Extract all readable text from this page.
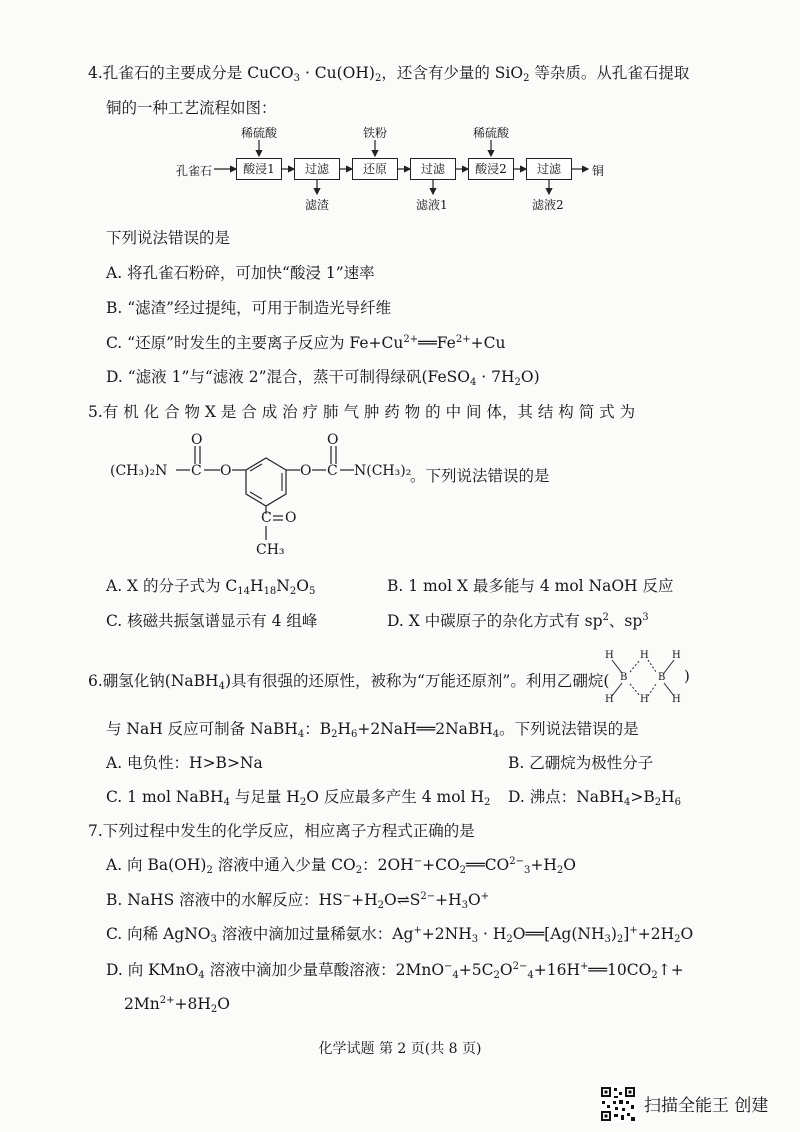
4.孔雀石的主要成分是 CuCO$_3$ · $Cu(OH)_2$，还含有少量的 SiO$_2$ 等杂质。从孔雀石提取
铜的一种工艺流程如图：
孔雀石	酸浸1	过滤	还原	过滤	酸浸2	过滤	铜
稀硫酸	铁粉	稀硫酸
滤渣	滤液1	滤液2
下列说法错误的是
A. 将孔雀石粉碎，可加快“酸浸 1”速率
B. “滤渣”经过提纯，可用于制造光导纤维
C. “还原”时发生的主要离子反应为 $Fe+Cu^{2+}══Fe^{2+}+Cu$
D. “滤液 1”与“滤液 2”混合，蒸干可制得绿矾(FeSO$_4$ · $7H_2O$)
5.有 机 化 合 物 X 是 合 成 治 疗 肺 气 肿 药 物 的 中 间 体，其 结 构 简 式 为
(CH₃)₂N C
O
O	O C
O
N(CH₃)₂
C O
CH₃
。下列说法错误的是
A. X 的分子式为 $C_{14}H_{18}N_2O_5$	B. 1 mol X 最多能与 4 mol NaOH 反应
C. 核磁共振氢谱显示有 4 组峰	D. X 中碳原子的杂化方式有 $sp^2$、$sp^3$
6.硼氢化钠(NaBH$_4$)具有很强的还原性，被称为“万能还原剂”。利用乙硼烷(
H	H H
B	B
H	H H
)
与 NaH 反应可制备 NaBH$_4$：$B_2H_6+2NaH══2NaBH_4$。下列说法错误的是
A. 电负性：H>B>Na	B. 乙硼烷为极性分子
C. 1 mol NaBH$_4$ 与足量 $H_2O$ 反应最多产生 4 mol $H_2$ D. 沸点：$NaBH_4>B_2H_6$
7.下列过程中发生的化学反应，相应离子方程式正确的是
A. 向 $Ba(OH)_2$ 溶液中通入少量 $CO_2$：$2OH^-+CO_2══CO^{2-}_3+H_2O$
B. NaHS 溶液中的水解反应：$HS^-+H_2O\rightleftharpoons S^{2-}+H_3O^+$
C. 向稀 AgNO$_3$ 溶液中滴加过量稀氨水：$Ag^++2NH_3$ · $H_2O══[Ag(NH_3)_2]^++2H_2O$
D. 向 KMnO$_4$ 溶液中滴加少量草酸溶液：$2MnO^-_4+5C_2O^{2-}_4+16H^+══10CO_2↑+$
$2Mn^{2+}+8H_2O$
化学试题 第 2 页(共 8 页)
扫描全能王 创建
